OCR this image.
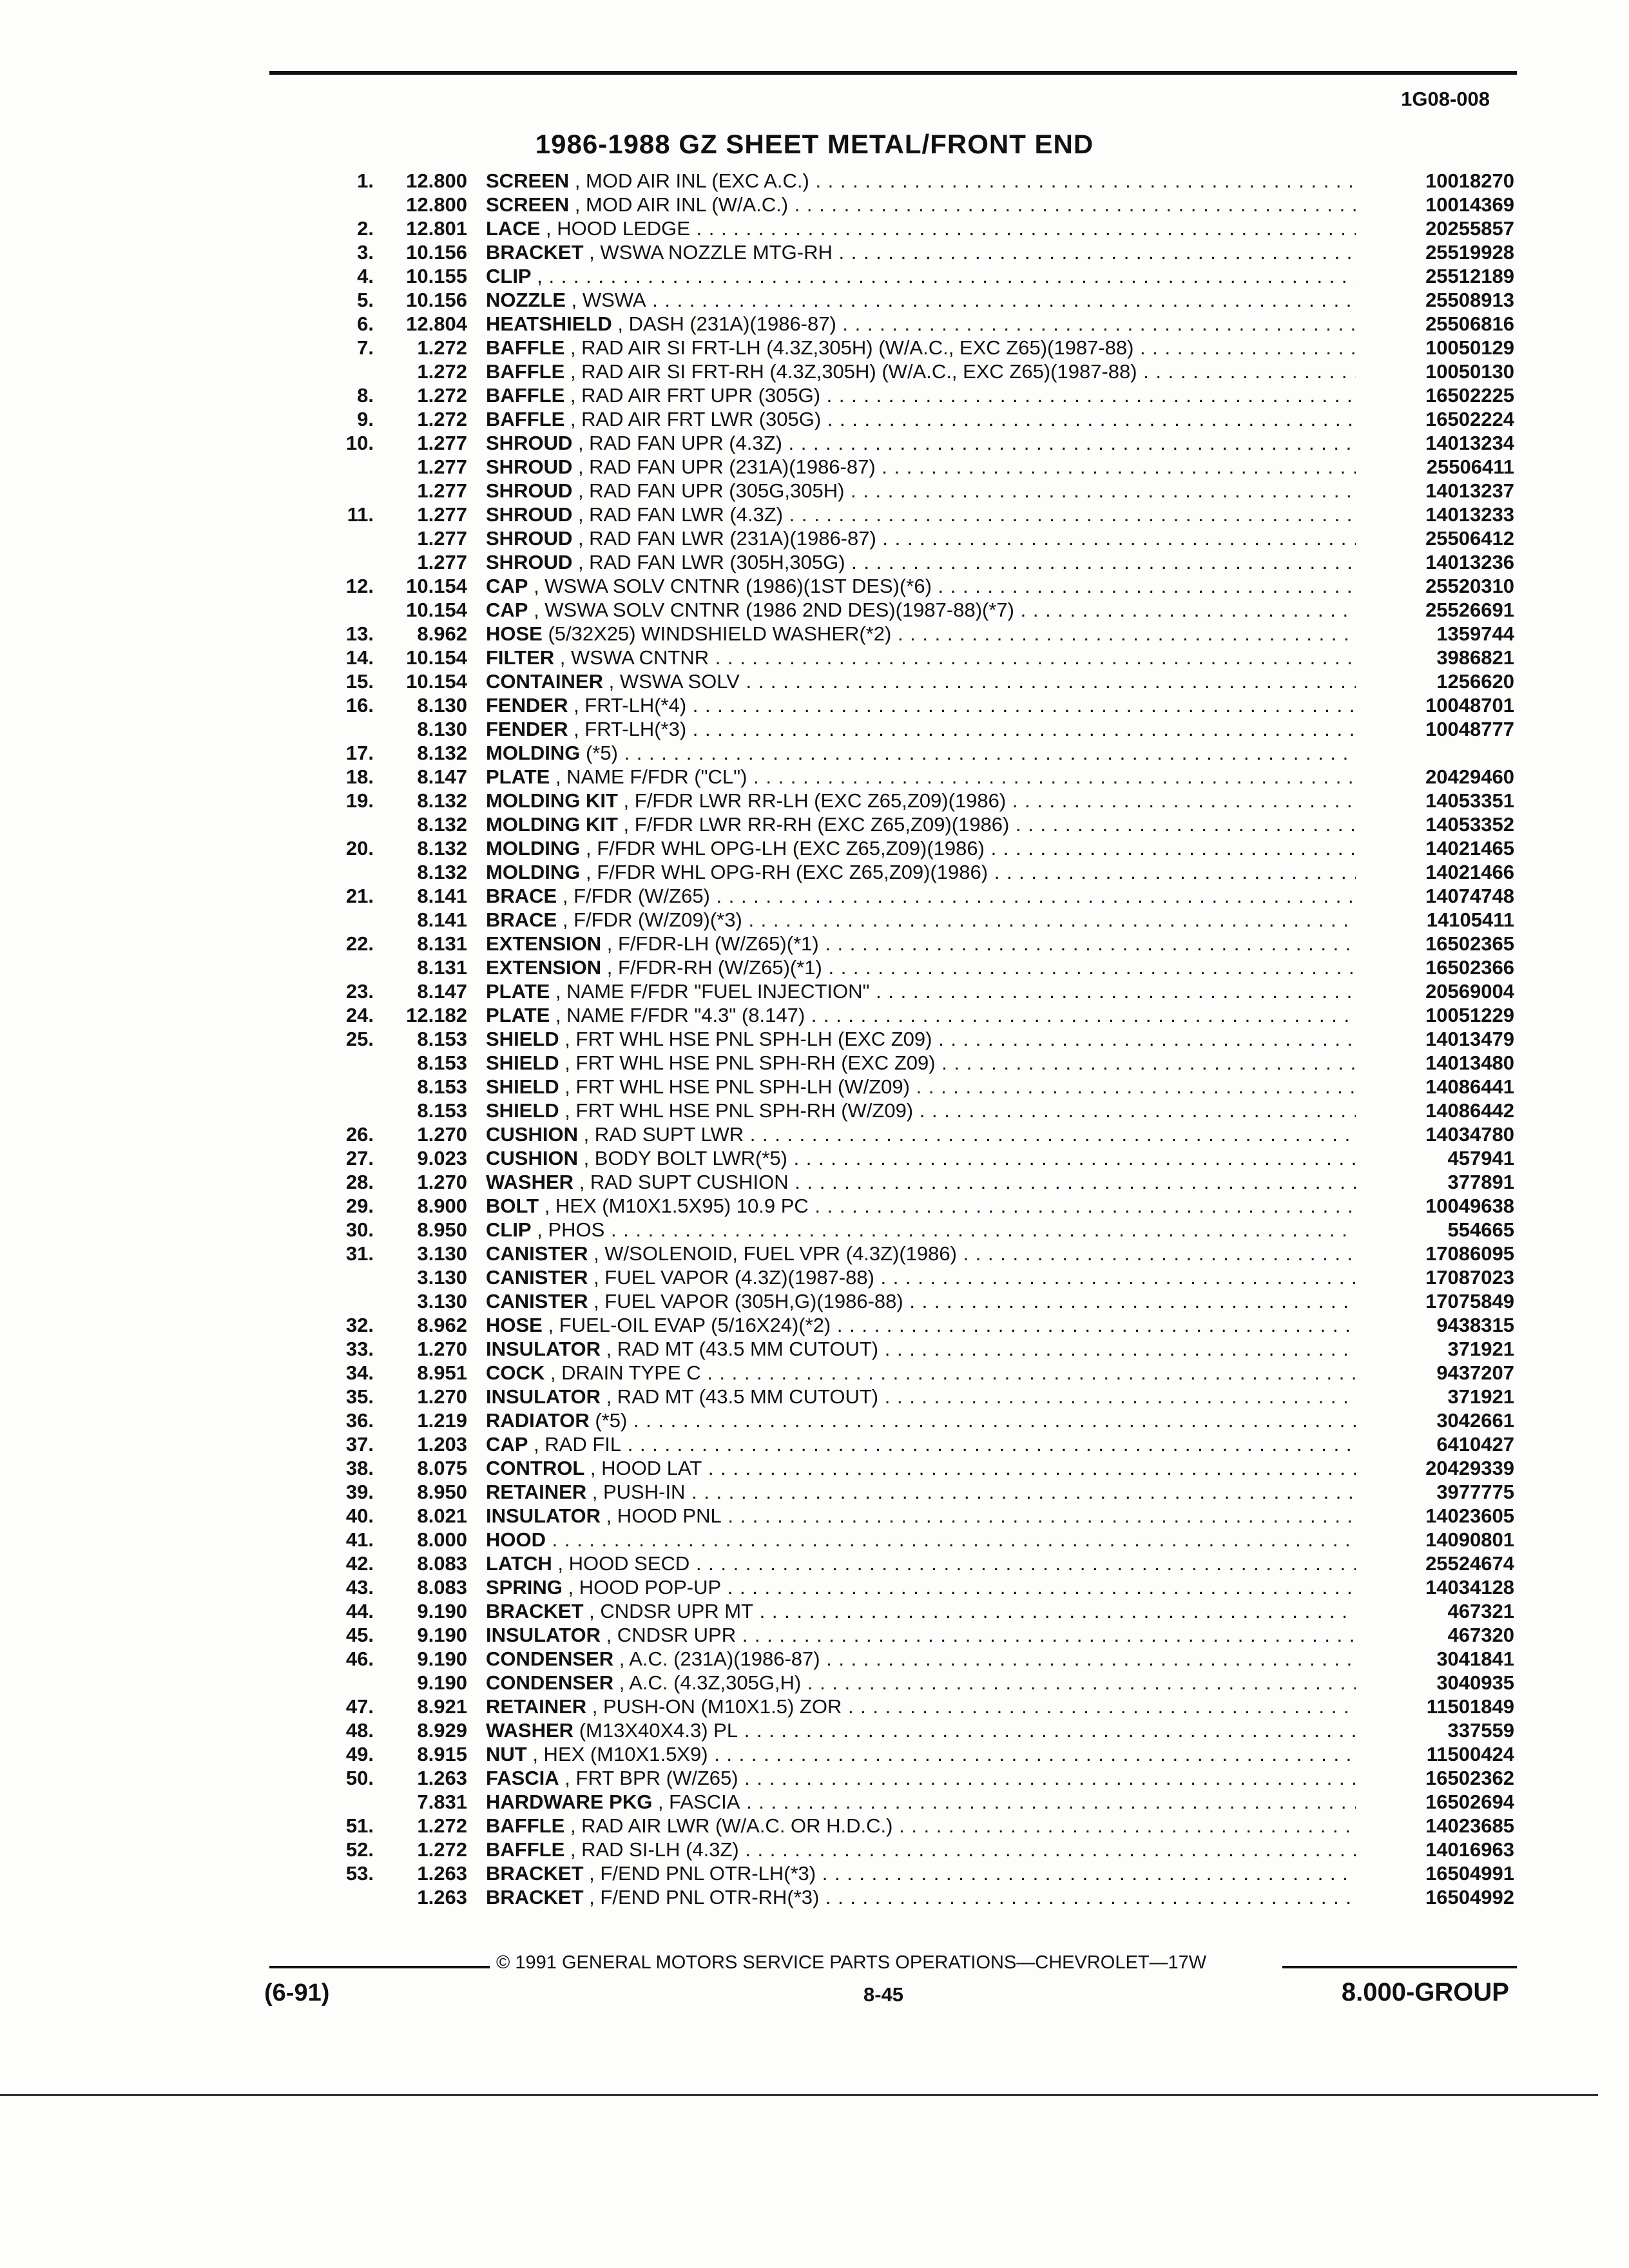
1G08-008
1986-1988 GZ SHEET METAL/FRONT END
1.	12.800 SCREEN , MOD AIR INL (EXC A.C.) . . .	10018270
12.800 SCREEN , MOD AIR INL (W/A.C.) . . .	10014369
2.	12.801 LACE , HOOD LEDGE . . .	20255857
3.	10.156 BRACKET , WSWA NOZZLE MTG-RH . . .	25519928
4.	10.155 CLIP , . . .	25512189
5.	10.156 NOZZLE , WSWA . . .	25508913
6.	12.804 HEATSHIELD , DASH (231A)(1986-87) . . .	25506816
7.	1.272 BAFFLE , RAD AIR SI FRT-LH (4.3Z,305H) (W/A.C., EXC Z65)(1987-88) . . .	10050129
1.272 BAFFLE , RAD AIR SI FRT-RH (4.3Z,305H) (W/A.C., EXC Z65)(1987-88) . . .	10050130
8.	1.272 BAFFLE , RAD AIR FRT UPR (305G) . . .	16502225
9.	1.272 BAFFLE , RAD AIR FRT LWR (305G) . . .	16502224
10.	1.277 SHROUD , RAD FAN UPR (4.3Z) . . .	14013234
1.277 SHROUD , RAD FAN UPR (231A)(1986-87) . . .	25506411
1.277 SHROUD , RAD FAN UPR (305G,305H) . . .	14013237
11.	1.277 SHROUD , RAD FAN LWR (4.3Z) . . .	14013233
1.277 SHROUD , RAD FAN LWR (231A)(1986-87) . . .	25506412
1.277 SHROUD , RAD FAN LWR (305H,305G) . . .	14013236
12.	10.154 CAP , WSWA SOLV CNTNR (1986)(1ST DES)(*6) . . .	25520310
10.154 CAP , WSWA SOLV CNTNR (1986 2ND DES)(1987-88)(*7) . . .	25526691
13.	8.962 HOSE (5/32X25) WINDSHIELD WASHER(*2) . . .	1359744
14.	10.154 FILTER , WSWA CNTNR . . .	3986821
15.	10.154 CONTAINER , WSWA SOLV . . .	1256620
16.	8.130 FENDER , FRT-LH(*4) . . .	10048701
8.130 FENDER , FRT-LH(*3) . . .	10048777
17.	8.132 MOLDING (*5) . . .
18.	8.147 PLATE , NAME F/FDR ("CL") . . .	20429460
19.	8.132 MOLDING KIT , F/FDR LWR RR-LH (EXC Z65,Z09)(1986) . . .	14053351
8.132 MOLDING KIT , F/FDR LWR RR-RH (EXC Z65,Z09)(1986) . . .	14053352
20.	8.132 MOLDING , F/FDR WHL OPG-LH (EXC Z65,Z09)(1986) . . .	14021465
8.132 MOLDING , F/FDR WHL OPG-RH (EXC Z65,Z09)(1986) . . .	14021466
21.	8.141 BRACE , F/FDR (W/Z65) . . .	14074748
8.141 BRACE , F/FDR (W/Z09)(*3) . . .	14105411
22.	8.131 EXTENSION , F/FDR-LH (W/Z65)(*1) . . .	16502365
8.131 EXTENSION , F/FDR-RH (W/Z65)(*1) . . .	16502366
23.	8.147 PLATE , NAME F/FDR "FUEL INJECTION" . . .	20569004
24.	12.182 PLATE , NAME F/FDR "4.3" (8.147) . . .	10051229
25.	8.153 SHIELD , FRT WHL HSE PNL SPH-LH (EXC Z09) . . .	14013479
8.153 SHIELD , FRT WHL HSE PNL SPH-RH (EXC Z09) . . .	14013480
8.153 SHIELD , FRT WHL HSE PNL SPH-LH (W/Z09) . . .	14086441
8.153 SHIELD , FRT WHL HSE PNL SPH-RH (W/Z09) . . .	14086442
26.	1.270 CUSHION , RAD SUPT LWR . . .	14034780
27.	9.023 CUSHION , BODY BOLT LWR(*5) . . .	457941
28.	1.270 WASHER , RAD SUPT CUSHION . . .	377891
29.	8.900 BOLT , HEX (M10X1.5X95) 10.9 PC . . .	10049638
30.	8.950 CLIP , PHOS . . .	554665
31.	3.130 CANISTER , W/SOLENOID, FUEL VPR (4.3Z)(1986) . . .	17086095
3.130 CANISTER , FUEL VAPOR (4.3Z)(1987-88) . . .	17087023
3.130 CANISTER , FUEL VAPOR (305H,G)(1986-88) . . .	17075849
32.	8.962 HOSE , FUEL-OIL EVAP (5/16X24)(*2) . . .	9438315
33.	1.270 INSULATOR , RAD MT (43.5 MM CUTOUT) . . .	371921
34.	8.951 COCK , DRAIN TYPE C . . .	9437207
35.	1.270 INSULATOR , RAD MT (43.5 MM CUTOUT) . . .	371921
36.	1.219 RADIATOR (*5) . . .	3042661
37.	1.203 CAP , RAD FIL . . .	6410427
38.	8.075 CONTROL , HOOD LAT . . .	20429339
39.	8.950 RETAINER , PUSH-IN . . .	3977775
40.	8.021 INSULATOR , HOOD PNL . . .	14023605
41.	8.000 HOOD . . .	14090801
42.	8.083 LATCH , HOOD SECD . . .	25524674
43.	8.083 SPRING , HOOD POP-UP . . .	14034128
44.	9.190 BRACKET , CNDSR UPR MT . . .	467321
45.	9.190 INSULATOR , CNDSR UPR . . .	467320
46.	9.190 CONDENSER , A.C. (231A)(1986-87) . . .	3041841
9.190 CONDENSER , A.C. (4.3Z,305G,H) . . .	3040935
47.	8.921 RETAINER , PUSH-ON (M10X1.5) ZOR . . .	11501849
48.	8.929 WASHER (M13X40X4.3) PL . . .	337559
49.	8.915 NUT , HEX (M10X1.5X9) . . .	11500424
50.	1.263 FASCIA , FRT BPR (W/Z65) . . .	16502362
7.831 HARDWARE PKG , FASCIA . . .	16502694
51.	1.272 BAFFLE , RAD AIR LWR (W/A.C. OR H.D.C.) . . .	14023685
52.	1.272 BAFFLE , RAD SI-LH (4.3Z) . . .	14016963
53.	1.263 BRACKET , F/END PNL OTR-LH(*3) . . .	16504991
1.263 BRACKET , F/END PNL OTR-RH(*3) . . .	16504992
© 1991 GENERAL MOTORS SERVICE PARTS OPERATIONS—CHEVROLET—17W
(6-91)	8-45	8.000-GROUP
